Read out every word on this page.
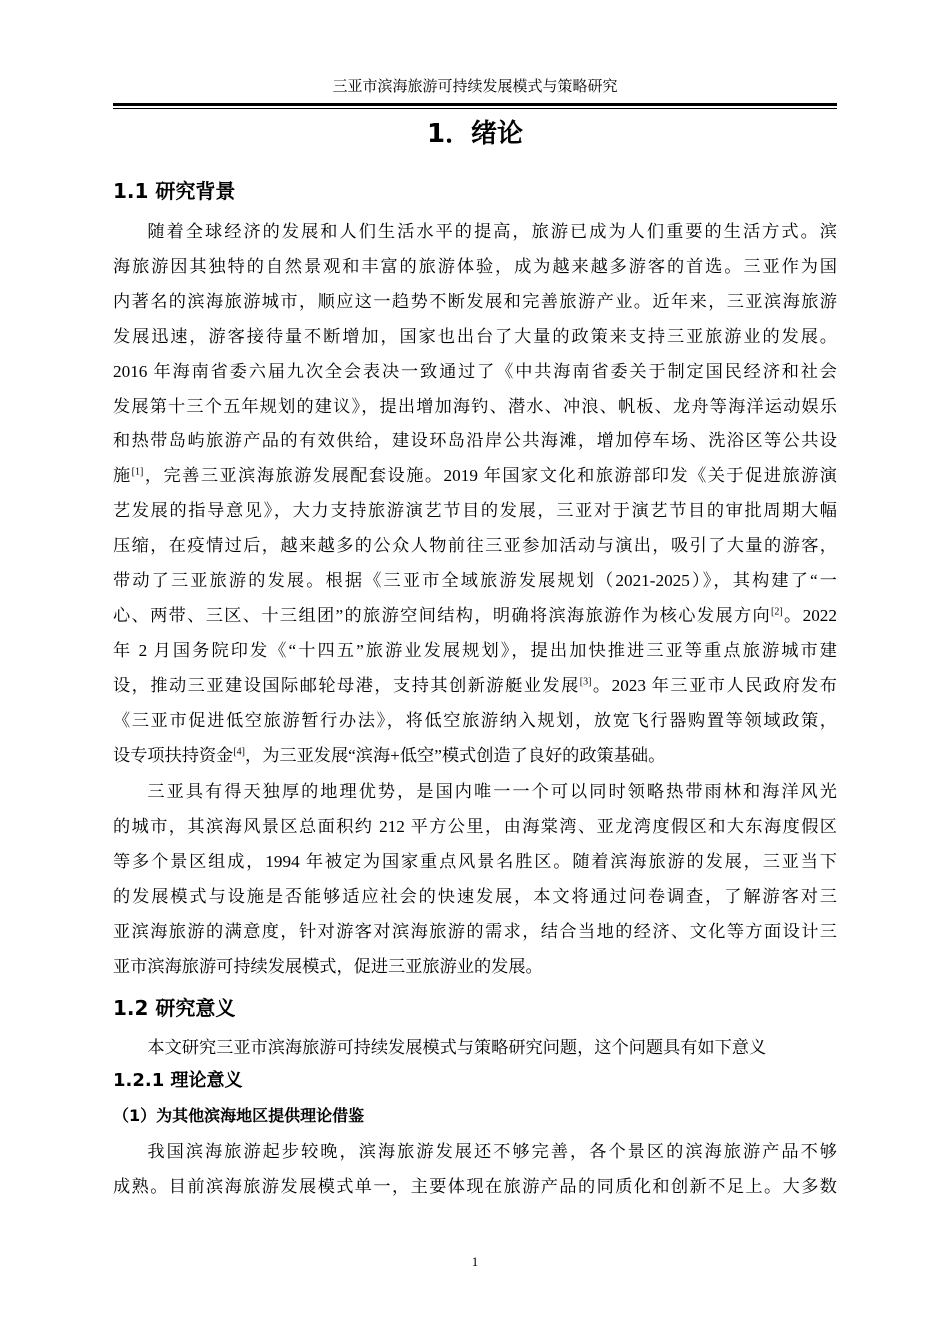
三亚市滨海旅游可持续发展模式与策略研究
1．绪论
1.1 研究背景

随着全球经济的发展和人们生活水平的提高，旅游已成为人们重要的生活方式。滨
海旅游因其独特的自然景观和丰富的旅游体验，成为越来越多游客的首选。三亚作为国
内著名的滨海旅游城市，顺应这一趋势不断发展和完善旅游产业。近年来，三亚滨海旅游
发展迅速，游客接待量不断增加，国家也出台了大量的政策来支持三亚旅游业的发展。
2016 年海南省委六届九次全会表决一致通过了《中共海南省委关于制定国民经济和社会
发展第十三个五年规划的建议》，提出增加海钓、潜水、冲浪、帆板、龙舟等海洋运动娱乐
和热带岛屿旅游产品的有效供给，建设环岛沿岸公共海滩，增加停车场、洗浴区等公共设
施[1]，完善三亚滨海旅游发展配套设施。2019 年国家文化和旅游部印发《关于促进旅游演
艺发展的指导意见》，大力支持旅游演艺节目的发展，三亚对于演艺节目的审批周期大幅
压缩，在疫情过后，越来越多的公众人物前往三亚参加活动与演出，吸引了大量的游客，
带动了三亚旅游的发展。根据《三亚市全域旅游发展规划（2021-2025）》，其构建了“一
心、两带、三区、十三组团”的旅游空间结构，明确将滨海旅游作为核心发展方向[2]。2022
年 2 月国务院印发《“十四五”旅游业发展规划》，提出加快推进三亚等重点旅游城市建
设，推动三亚建设国际邮轮母港，支持其创新游艇业发展[3]。2023 年三亚市人民政府发布
《三亚市促进低空旅游暂行办法》，将低空旅游纳入规划，放宽飞行器购置等领域政策，
设专项扶持资金[4]，为三亚发展“滨海+低空”模式创造了良好的政策基础。

三亚具有得天独厚的地理优势，是国内唯一一个可以同时领略热带雨林和海洋风光
的城市，其滨海风景区总面积约 212 平方公里，由海棠湾、亚龙湾度假区和大东海度假区
等多个景区组成，1994 年被定为国家重点风景名胜区。随着滨海旅游的发展，三亚当下
的发展模式与设施是否能够适应社会的快速发展，本文将通过问卷调查，了解游客对三
亚滨海旅游的满意度，针对游客对滨海旅游的需求，结合当地的经济、文化等方面设计三
亚市滨海旅游可持续发展模式，促进三亚旅游业的发展。

1.2 研究意义

本文研究三亚市滨海旅游可持续发展模式与策略研究问题，这个问题具有如下意义

1.2.1 理论意义
（1）为其他滨海地区提供理论借鉴

我国滨海旅游起步较晚，滨海旅游发展还不够完善，各个景区的滨海旅游产品不够
成熟。目前滨海旅游发展模式单一，主要体现在旅游产品的同质化和创新不足上。大多数

1
